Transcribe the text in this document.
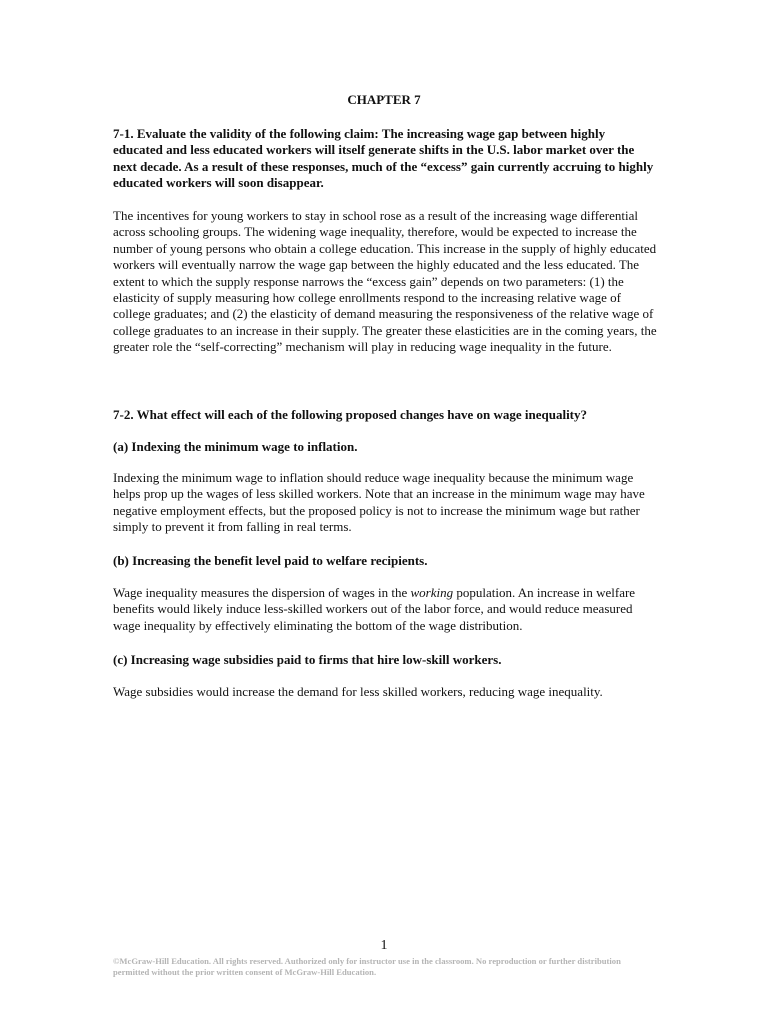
CHAPTER 7

7-1. Evaluate the validity of the following claim: The increasing wage gap between highly educated and less educated workers will itself generate shifts in the U.S. labor market over the next decade. As a result of these responses, much of the “excess” gain currently accruing to highly educated workers will soon disappear.

The incentives for young workers to stay in school rose as a result of the increasing wage differential across schooling groups. The widening wage inequality, therefore, would be expected to increase the number of young persons who obtain a college education. This increase in the supply of highly educated workers will eventually narrow the wage gap between the highly educated and the less educated. The extent to which the supply response narrows the “excess gain” depends on two parameters: (1) the elasticity of supply measuring how college enrollments respond to the increasing relative wage of college graduates; and (2) the elasticity of demand measuring the responsiveness of the relative wage of college graduates to an increase in their supply. The greater these elasticities are in the coming years, the greater role the “self-correcting” mechanism will play in reducing wage inequality in the future.

7-2. What effect will each of the following proposed changes have on wage inequality?

(a) Indexing the minimum wage to inflation.

Indexing the minimum wage to inflation should reduce wage inequality because the minimum wage helps prop up the wages of less skilled workers. Note that an increase in the minimum wage may have negative employment effects, but the proposed policy is not to increase the minimum wage but rather simply to prevent it from falling in real terms.

(b) Increasing the benefit level paid to welfare recipients.

Wage inequality measures the dispersion of wages in the working population. An increase in welfare benefits would likely induce less-skilled workers out of the labor force, and would reduce measured wage inequality by effectively eliminating the bottom of the wage distribution.

(c) Increasing wage subsidies paid to firms that hire low-skill workers.

Wage subsidies would increase the demand for less skilled workers, reducing wage inequality.

1
©McGraw-Hill Education. All rights reserved. Authorized only for instructor use in the classroom. No reproduction or further distribution permitted without the prior written consent of McGraw-Hill Education.
